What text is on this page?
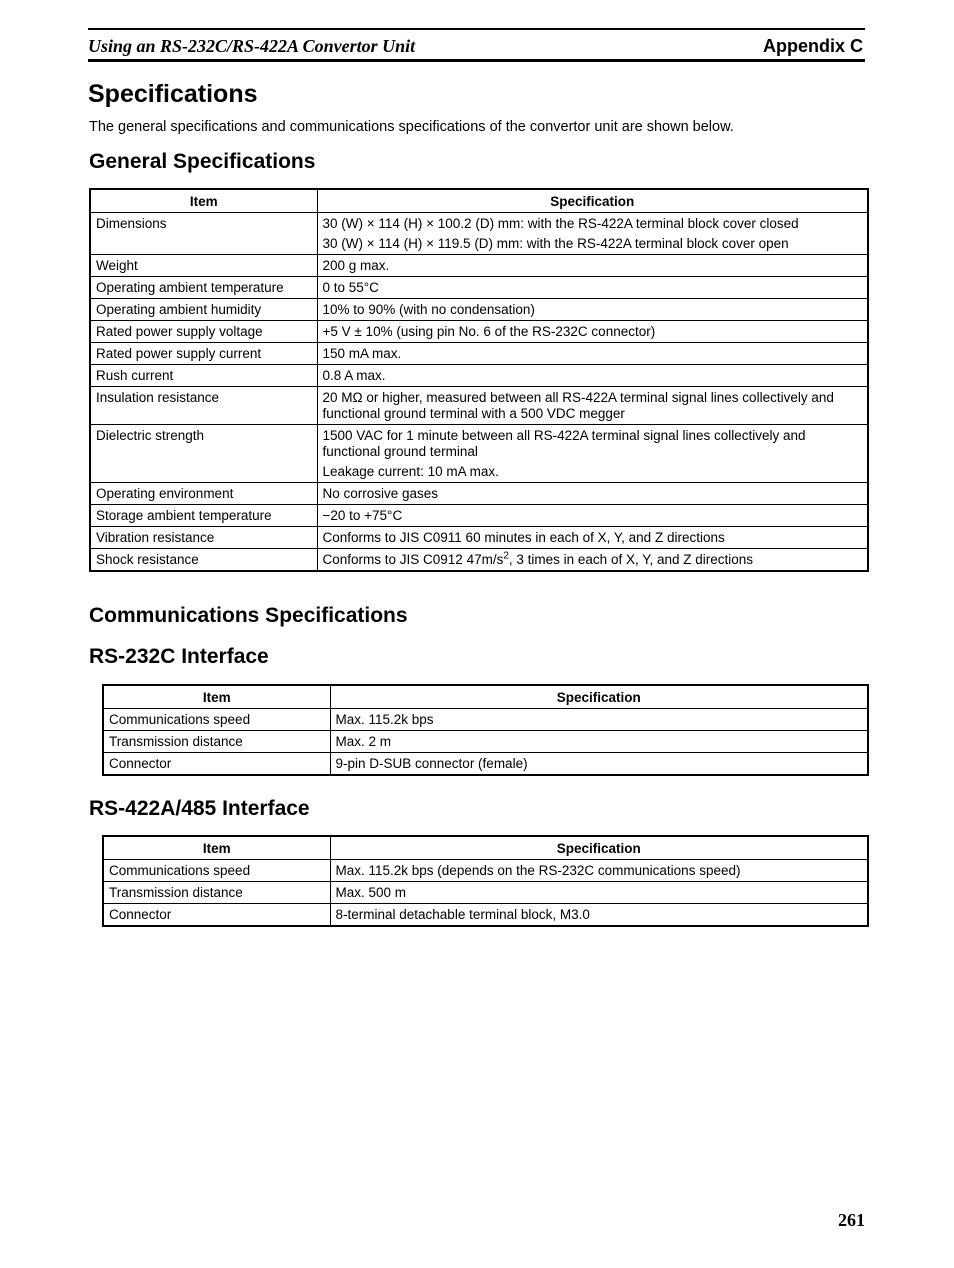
Using an RS-232C/RS-422A Convertor Unit	Appendix C
Specifications

The general specifications and communications specifications of the convertor unit are shown below.

General Specifications
Item	Specification
Dimensions	30 (W) × 114 (H) × 100.2 (D) mm: with the RS-422A terminal block cover closed
30 (W) × 114 (H) × 119.5 (D) mm: with the RS-422A terminal block cover open

Weight	200 g max.
Operating ambient temperature	0 to 55°C
Operating ambient humidity	10% to 90% (with no condensation)
Rated power supply voltage	+5 V ± 10% (using pin No. 6 of the RS-232C connector)
Rated power supply current	150 mA max.
Rush current	0.8 A max.
Insulation resistance	20 MΩ or higher, measured between all RS-422A terminal signal lines collectively and functional ground terminal with a 500 VDC megger
Dielectric strength	1500 VAC for 1 minute between all RS-422A terminal signal lines collectively and functional ground terminal
Leakage current: 10 mA max.

Operating environment	No corrosive gases
Storage ambient temperature	−20 to +75°C
Vibration resistance	Conforms to JIS C0911 60 minutes in each of X, Y, and Z directions
Shock resistance	Conforms to JIS C0912 $47m/s^2$, 3 times in each of X, Y, and Z directions
Communications Specifications
RS-232C Interface
Item	Specification
Communications speed	Max. 115.2k bps
Transmission distance	Max. 2 m
Connector	9-pin D-SUB connector (female)
RS-422A/485 Interface
Item	Specification
Communications speed	Max. 115.2k bps (depends on the RS-232C communications speed)
Transmission distance	Max. 500 m
Connector	8-terminal detachable terminal block, M3.0
261
